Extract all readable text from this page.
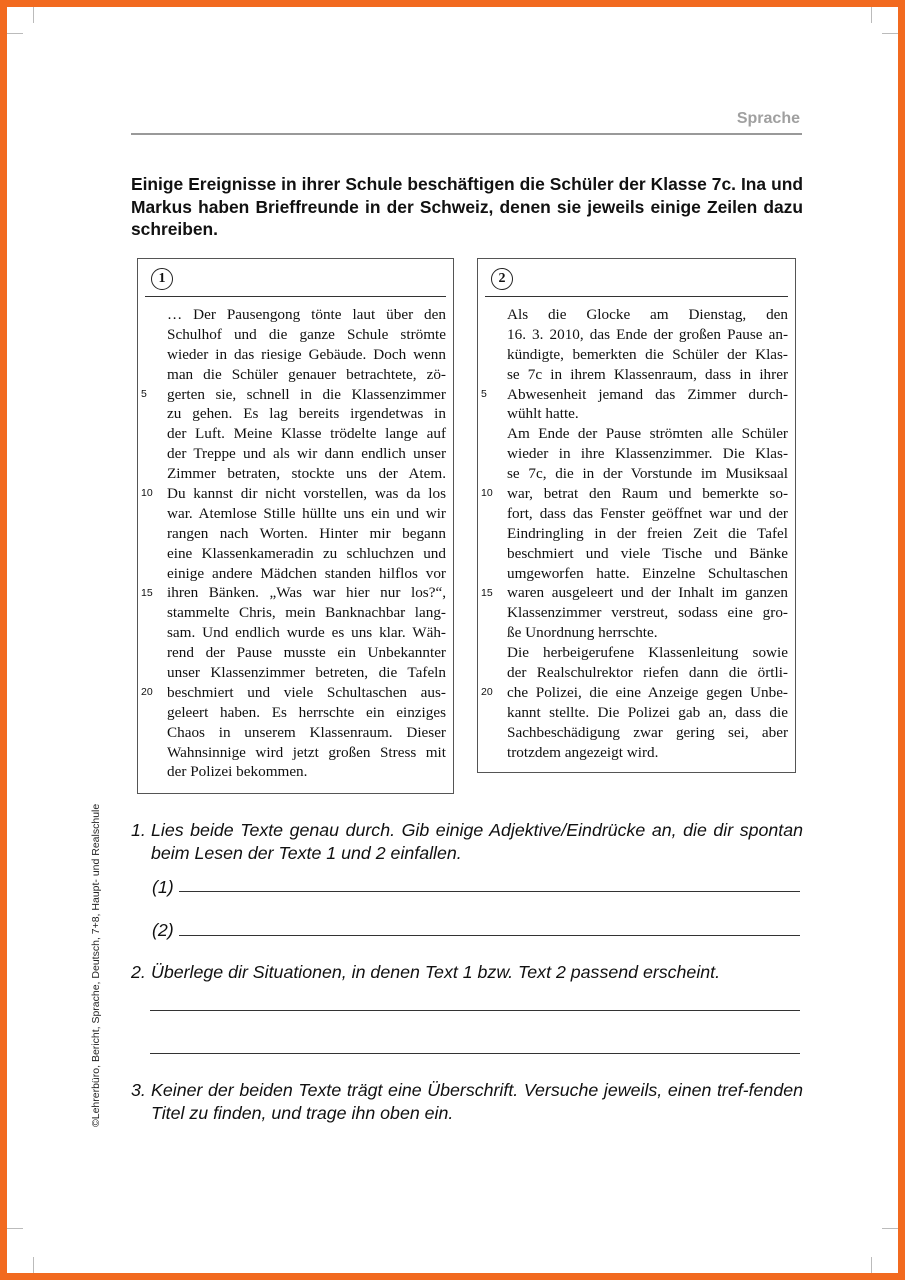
Sprache
Einige Ereignisse in ihrer Schule beschäftigen die Schüler der Klasse 7c. Ina und Markus haben Brieffreunde in der Schweiz, denen sie jeweils einige Zeilen dazu schreiben.
1
… Der Pausengong tönte laut über den
Schulhof und die ganze Schule strömte
wieder in das riesige Gebäude. Doch wenn
man die Schüler genauer betrachtete, zö-
gerten sie, schnell in die Klassenzimmer
zu gehen. Es lag bereits irgendetwas in
der Luft. Meine Klasse trödelte lange auf
der Treppe und als wir dann endlich unser
Zimmer betraten, stockte uns der Atem.
Du kannst dir nicht vorstellen, was da los
war. Atemlose Stille hüllte uns ein und wir
rangen nach Worten. Hinter mir begann
eine Klassenkameradin zu schluchzen und
einige andere Mädchen standen hilflos vor
ihren Bänken. „Was war hier nur los?“,
stammelte Chris, mein Banknachbar lang-
sam. Und endlich wurde es uns klar. Wäh-
rend der Pause musste ein Unbekannter
unser Klassenzimmer betreten, die Tafeln
beschmiert und viele Schultaschen aus-
geleert haben. Es herrschte ein einziges
Chaos in unserem Klassenraum. Dieser
Wahnsinnige wird jetzt großen Stress mit
der Polizei bekommen.
5
10
15
20
2
Als die Glocke am Dienstag, den
16. 3. 2010, das Ende der großen Pause an-
kündigte, bemerkten die Schüler der Klas-
se 7c in ihrem Klassenraum, dass in ihrer
Abwesenheit jemand das Zimmer durch-
wühlt hatte.
Am Ende der Pause strömten alle Schüler
wieder in ihre Klassenzimmer. Die Klas-
se 7c, die in der Vorstunde im Musiksaal
war, betrat den Raum und bemerkte so-
fort, dass das Fenster geöffnet war und der
Eindringling in der freien Zeit die Tafel
beschmiert und viele Tische und Bänke
umgeworfen hatte. Einzelne Schultaschen
waren ausgeleert und der Inhalt im ganzen
Klassenzimmer verstreut, sodass eine gro-
ße Unordnung herrschte.
Die herbeigerufene Klassenleitung sowie
der Realschulrektor riefen dann die örtli-
che Polizei, die eine Anzeige gegen Unbe-
kannt stellte. Die Polizei gab an, dass die
Sachbeschädigung zwar gering sei, aber
trotzdem angezeigt wird.
5
10
15
20
1. Lies beide Texte genau durch. Gib einige Adjektive/Eindrücke an, die dir spontan beim Lesen der Texte 1 und 2 einfallen.
(1)
(2)
2. Überlege dir Situationen, in denen Text 1 bzw. Text 2 passend erscheint.
3. Keiner der beiden Texte trägt eine Überschrift. Versuche jeweils, einen tref-fenden Titel zu finden, und trage ihn oben ein.
©Lehrerbüro, Bericht, Sprache, Deutsch, 7+8, Haupt- und Realschule
